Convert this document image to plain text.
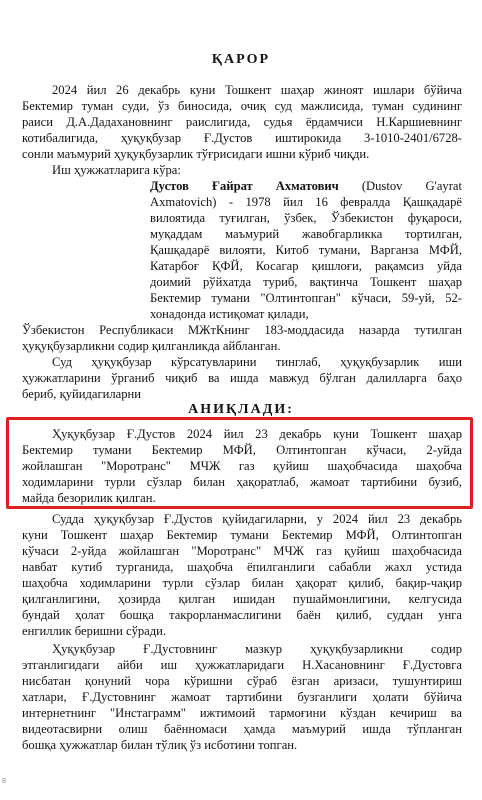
ҚАРОР
2024 йил 26 декабрь куни Тошкент шаҳар жиноят ишлари бўйича
Бектемир туман суди, ўз биносида, очиқ суд мажлисида, туман судининг
раиси Д.А.Дадахановнинг раислигида, судья ёрдамчиси Н.Каршиевнинг
котибалигида, ҳуқуқбузар Ғ.Дустов иштирокида 3-1010-2401/6728-
сонли маъмурий ҳуқуқбузарлик тўғрисидаги ишни кўриб чиқди.
Иш ҳужжатларига кўра:
Дустов Ғайрат Ахматович (Dustov G'ayrat
Axmatovich) - 1978 йил 16 февралда Қашқадарё
вилоятида туғилган, ўзбек, Ўзбекистон фуқароси,
муқаддам маъмурий жавобгарликка тортилган,
Қашқадарё вилояти, Китоб тумани, Варганза МФЙ,
Катарбоғ ҚФЙ, Косагар қишлоғи, рақамсиз уйда
доимий рўйхатда туриб, вақтинча Тошкент шаҳар
Бектемир тумани "Олтинтопган" кўчаси, 59-уй, 52-
хонадонда истиқомат қилади,
Ўзбекистон Республикаси МЖтКнинг 183-моддасида назарда тутилган
ҳуқуқбузарликни содир қилганликда айбланган.
Суд ҳуқуқбузар кўрсатувларини тинглаб, ҳуқуқбузарлик иши
ҳужжатларини ўрганиб чиқиб ва ишда мавжуд бўлган далилларга баҳо
бериб, қуйидагиларни
АНИҚЛАДИ:
Ҳуқуқбузар Ғ.Дустов 2024 йил 23 декабрь куни Тошкент шаҳар
Бектемир тумани Бектемир МФЙ, Олтинтопган кўчаси, 2-уйда
жойлашган "Моротранс" МЧЖ газ қуйиш шаҳобчасида шаҳобча
ходимларини турли сўзлар билан ҳақоратлаб, жамоат тартибини бузиб,
майда безорилик қилган.
Судда ҳуқуқбузар Ғ.Дустов қуйидагиларни, у 2024 йил 23 декабрь
куни Тошкент шаҳар Бектемир тумани Бектемир МФЙ, Олтинтопган
кўчаси 2-уйда жойлашган "Моротранс" МЧЖ газ қуйиш шаҳобчасида
навбат кутиб турганида, шаҳобча ёпилганлиги сабабли жахл устида
шаҳобча ходимларини турли сўзлар билан ҳақорат қилиб, бақир-чақир
қилганлигини, ҳозирда қилган ишидан пушаймонлигини, келгусида
бундай ҳолат бошқа такрорланмаслигини баён қилиб, суддан унга
енгиллик беришни сўради.
Ҳуқуқбузар Ғ.Дустовнинг мазкур ҳуқуқбузарликни содир
этганлигидаги айби иш ҳужжатларидаги Н.Хасановнинг Ғ.Дустовга
нисбатан қонуний чора кўришни сўраб ёзган аризаси, тушунтириш
хатлари, Ғ.Дустовнинг жамоат тартибини бузганлиги ҳолати бўйича
интернетнинг "Инстаграмм" ижтимоий тармоғини кўздан кечириш ва
видеотасвирни олиш баённомаси ҳамда маъмурий ишда тўпланган
бошқа ҳужжатлар билан тўлиқ ўз исботини топган.
8
